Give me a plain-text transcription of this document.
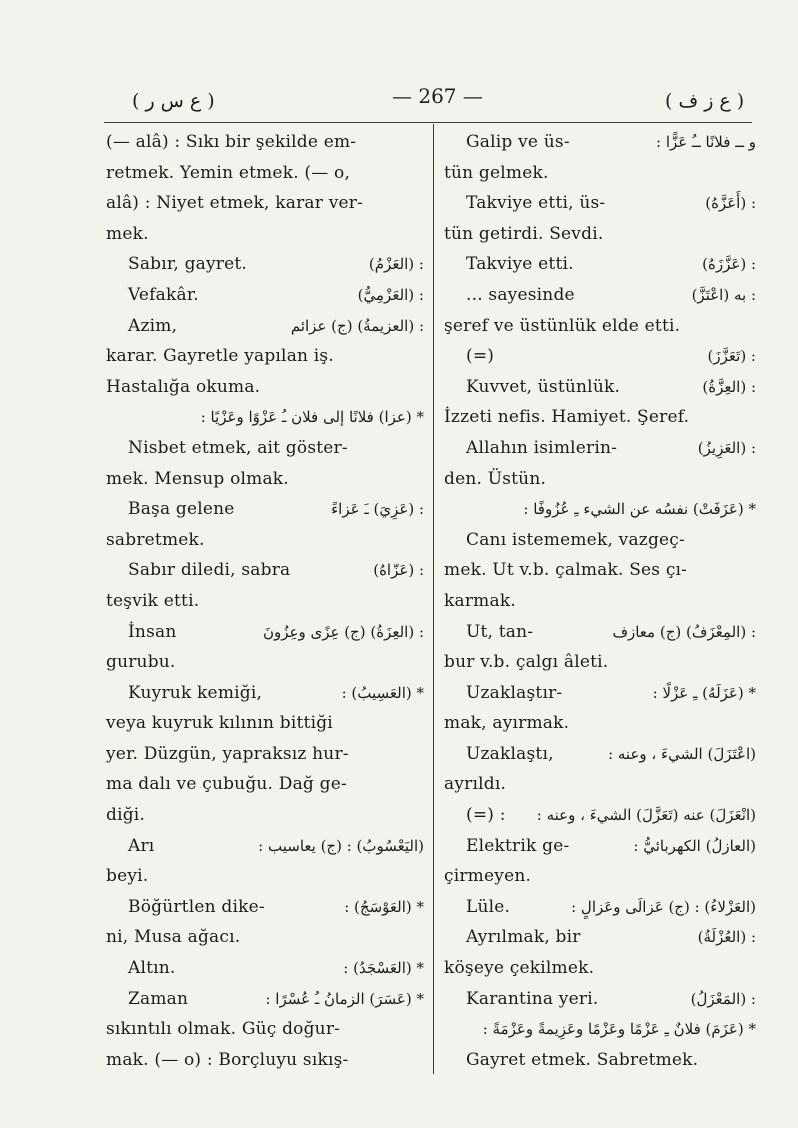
( ع س ر )	— 267 —	( ع ز ف )
(— alâ) : Sıkı bir şekilde em-
retmek. Yemin etmek. (— o,
alâ) : Niyet etmek, karar ver-
mek.
Sabır, gayret.	: (العَزْمُ)
Vefakâr.	: (العَزْمِيُّ)
Azim,	: (العزيمةُ) (ج) عزائم
karar. Gayretle yapılan iş.
Hastalığa okuma.
* (عزا) فلانًا إلى فلان ـُ عَزْوًا وعَزْيًا :
Nisbet etmek, ait göster-
mek. Mensup olmak.
Başa gelene	: (عَزِيَ) ـَ عَزاءً
sabretmek.
Sabır diledi, sabra	: (عَزّاهُ)
teşvik etti.
İnsan	: (العِزَةُ) (ج) عِزًى وعِزُونَ
gurubu.
Kuyruk kemiği,	* (العَسِيبُ) :
veya kuyruk kılının bittiği
yer. Düzgün, yapraksız hur-
ma dalı ve çubuğu. Dağ ge-
diği.
Arı	(اليَعْسُوبُ) : (ج) يعاسيب :
beyi.
Böğürtlen dike-	* (العَوْسَجُ) :
ni, Musa ağacı.
Altın.	* (العَسْجَدُ) :
Zaman	* (عَسَرَ) الزمانُ ـُ عُسْرًا :
sıkıntılı olmak. Güç doğur-
mak. (— o) : Borçluyu sıkış-
Galip ve üs-	و ــ فلانًا ــُ عَزًّا :
tün gelmek.
Takviye etti, üs-	: (أَعَزَّهُ)
tün getirdi. Sevdi.
Takviye etti.	: (عَزَّزَهُ)
... sayesinde	: به (اعْتَزَّ)
şeref ve üstünlük elde etti.
(=)	: (تَعَزَّزَ)
Kuvvet, üstünlük.	: (العِزَّةُ)
İzzeti nefis. Hamiyet. Şeref.
Allahın isimlerin-	: (العَزِيزُ)
den. Üstün.
* (عَزَفَتْ) نفسُه عن الشيء ـِ عُزُوفًا :
Canı istememek, vazgeç-
mek. Ut v.b. çalmak. Ses çı-
karmak.
Ut, tan-	: (المِعْزَفُ) (ج) معازف
bur v.b. çalgı âleti.
Uzaklaştır-	* (عَزَلَهُ) ـِ عَزْلًا :
mak, ayırmak.
Uzaklaştı,	(اعْتَزَلَ) الشيءَ ، وعنه :
ayrıldı.
(=) : (انْعَزَلَ) عنه (تَعَزَّلَ) الشيءَ ، وعنه :
Elektrik ge-	(العازلُ) الكهربائيُّ :
çirmeyen.
Lüle.	(العَزْلاءُ) : (ج) عَزالَى وعَزالٍ :
Ayrılmak, bir	: (العُزْلَةُ)
köşeye çekilmek.
Karantina yeri.	: (المَعْزَلُ)
* (عَزَمَ) فلانٌ ـِ عَزْمًا وعَزْمًا وعَزِيمةً وعَزْمَةً :
Gayret etmek. Sabretmek.
